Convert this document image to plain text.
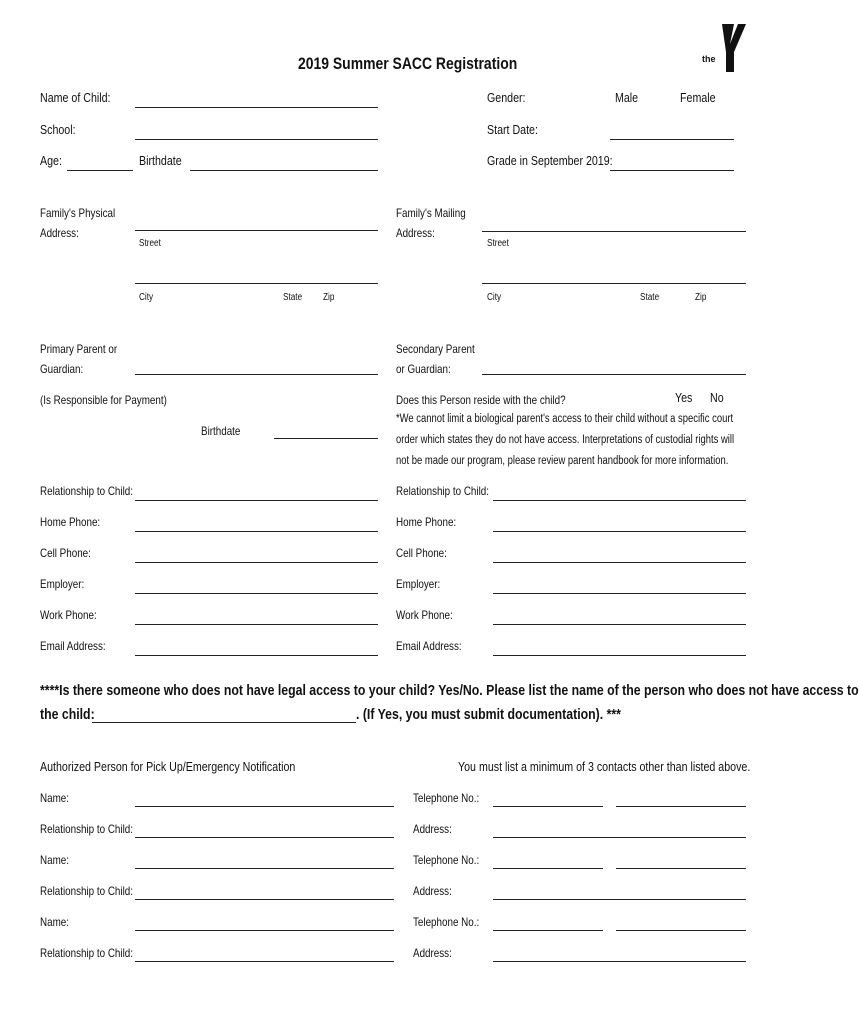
2019 Summer SACC Registration	the
Name of Child:
School:
Age:	Birthdate
Gender:	Male	Female
Start Date:
Grade in September 2019:
Family's Physical
Address:
Street
City	State Zip
Family's Mailing
Address:
Street
City	State	Zip
Primary Parent or
Guardian:
(Is Responsible for Payment)
Birthdate
Secondary Parent
or Guardian:
Does this Person reside with the child?	Yes No
*We cannot limit a biological parent's access to their child without a specific court order which states they do not have access. Interpretations of custodial rights will not be made our program, please review parent handbook for more information.
Relationship to Child:
Home Phone:
Cell Phone:
Employer:
Work Phone:
Email Address:
Relationship to Child:
Home Phone:
Cell Phone:
Employer:
Work Phone:
Email Address:
****Is there someone who does not have legal access to your child? Yes/No. Please list the name of the person who does not have access to
the child:	. (If Yes, you must submit documentation). ***
Authorized Person for Pick Up/Emergency Notification	You must list a minimum of 3 contacts other than listed above.
Name:	Telephone No.:
Relationship to Child:	Address:
Name:	Telephone No.:
Relationship to Child:	Address:
Name:	Telephone No.:
Relationship to Child:	Address:
